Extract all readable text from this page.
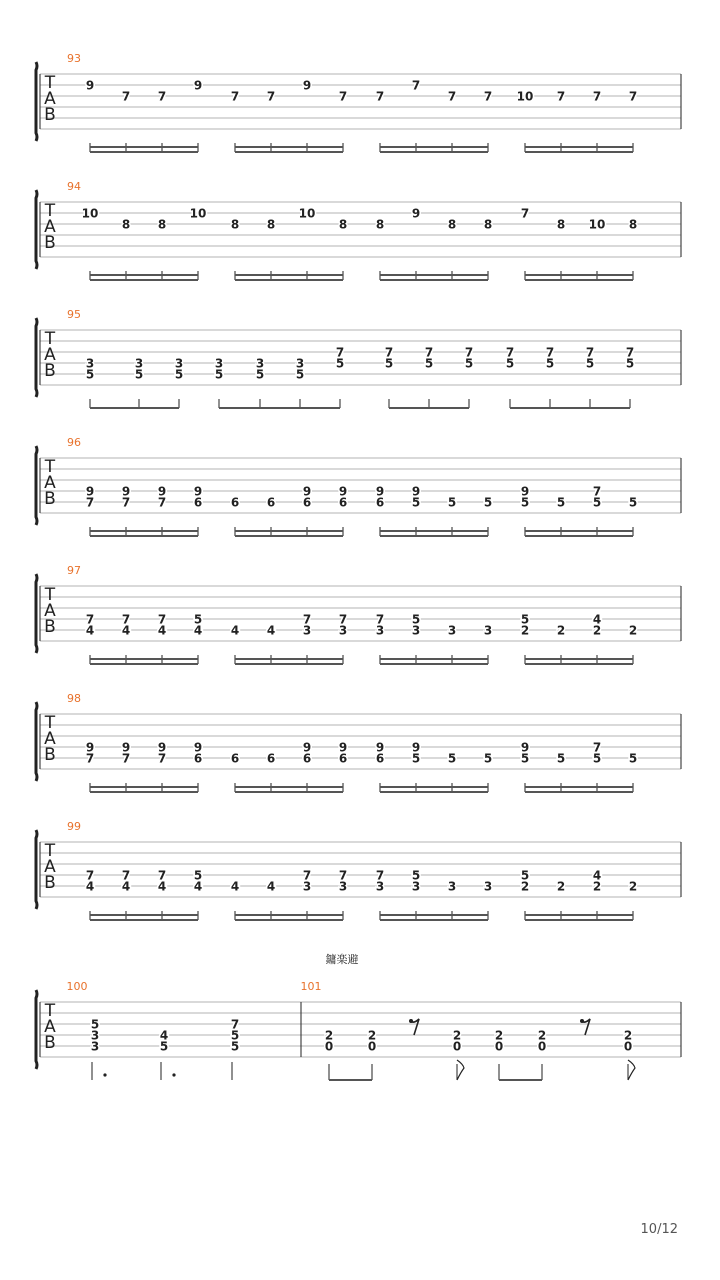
T
A
B
93
9
7 7
9
7 7
9
7 7
7
7 7 10 7 7 7
T
A
B
94
10
8 8
10
8 8
10
8 8
9
8 8
7
8 10 8
T
A
B
95
3
5
3
5
3
5
3
5
3
5
3
5
7
5
7
5
7
5
7
5
7
5
7
5
7
5
7
5
T
A
B
96
9
7
9
7
9
7
9
6 6 6
9
6
9
6
9
6
9
5 5 5
9
5 5
7
5 5
T
A
B
97
7
4
7
4
7
4
5
4 4 4
7
3
7
3
7
3
5
3 3 3
5
2 2
4
2 2
T
A
B
98
9
7
9
7
9
7
9
6 6 6
9
6
9
6
9
6
9
5 5 5
9
5 5
7
5 5
T
A
B
99
7
4
7
4
7
4
5
4 4 4
7
3
7
3
7
3
5
3 3 3
5
2 2
4
2 2
T
A
B
鏞楽避
100	101
5
3
3
4
5
7
5
5
2
0
2
0
2
0
2
0
2
0
2
0
10/12
